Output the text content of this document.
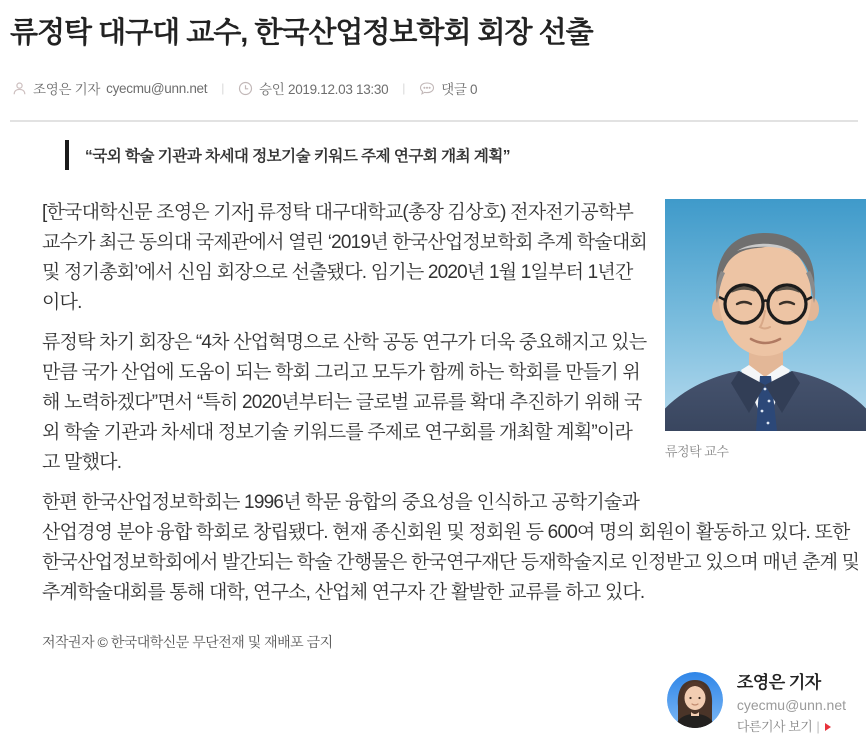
류정탁 대구대 교수, 한국산업정보학회 회장 선출
조영은 기자 cyecmu@unn.net |	승인 2019.12.03 13:30 |	댓글 0
“국외 학술 기관과 차세대 정보기술 키워드 주제 연구회 개최 계획”
류정탁 교수

[한국대학신문 조영은 기자] 류정탁 대구대학교(총장 김상호) 전자전기공학부 교수가 최근 동의대 국제관에서 열린 ‘2019년 한국산업정보학회 추계 학술대회 및 정기총회’에서 신임 회장으로 선출됐다. 임기는 2020년 1월 1일부터 1년간이다.

류정탁 차기 회장은 “4차 산업혁명으로 산학 공동 연구가 더욱 중요해지고 있는 만큼 국가 산업에 도움이 되는 학회 그리고 모두가 함께 하는 학회를 만들기 위해 노력하겠다”면서 “특히 2020년부터는 글로벌 교류를 확대 추진하기 위해 국외 학술 기관과 차세대 정보기술 키워드를 주제로 연구회를 개최할 계획”이라고 말했다.

한편 한국산업정보학회는 1996년 학문 융합의 중요성을 인식하고 공학기술과 산업경영 분야 융합 학회로 창립됐다. 현재 종신회원 및 정회원 등 600여 명의 회원이 활동하고 있다. 또한 한국산업정보학회에서 발간되는 학술 간행물은 한국연구재단 등재학술지로 인정받고 있으며 매년 춘계 및 추계학술대회를 통해 대학, 연구소, 산업체 연구자 간 활발한 교류를 하고 있다.

저작권자 © 한국대학신문 무단전재 및 재배포 금지
조영은 기자
cyecmu@unn.net
다른기사 보기 |
